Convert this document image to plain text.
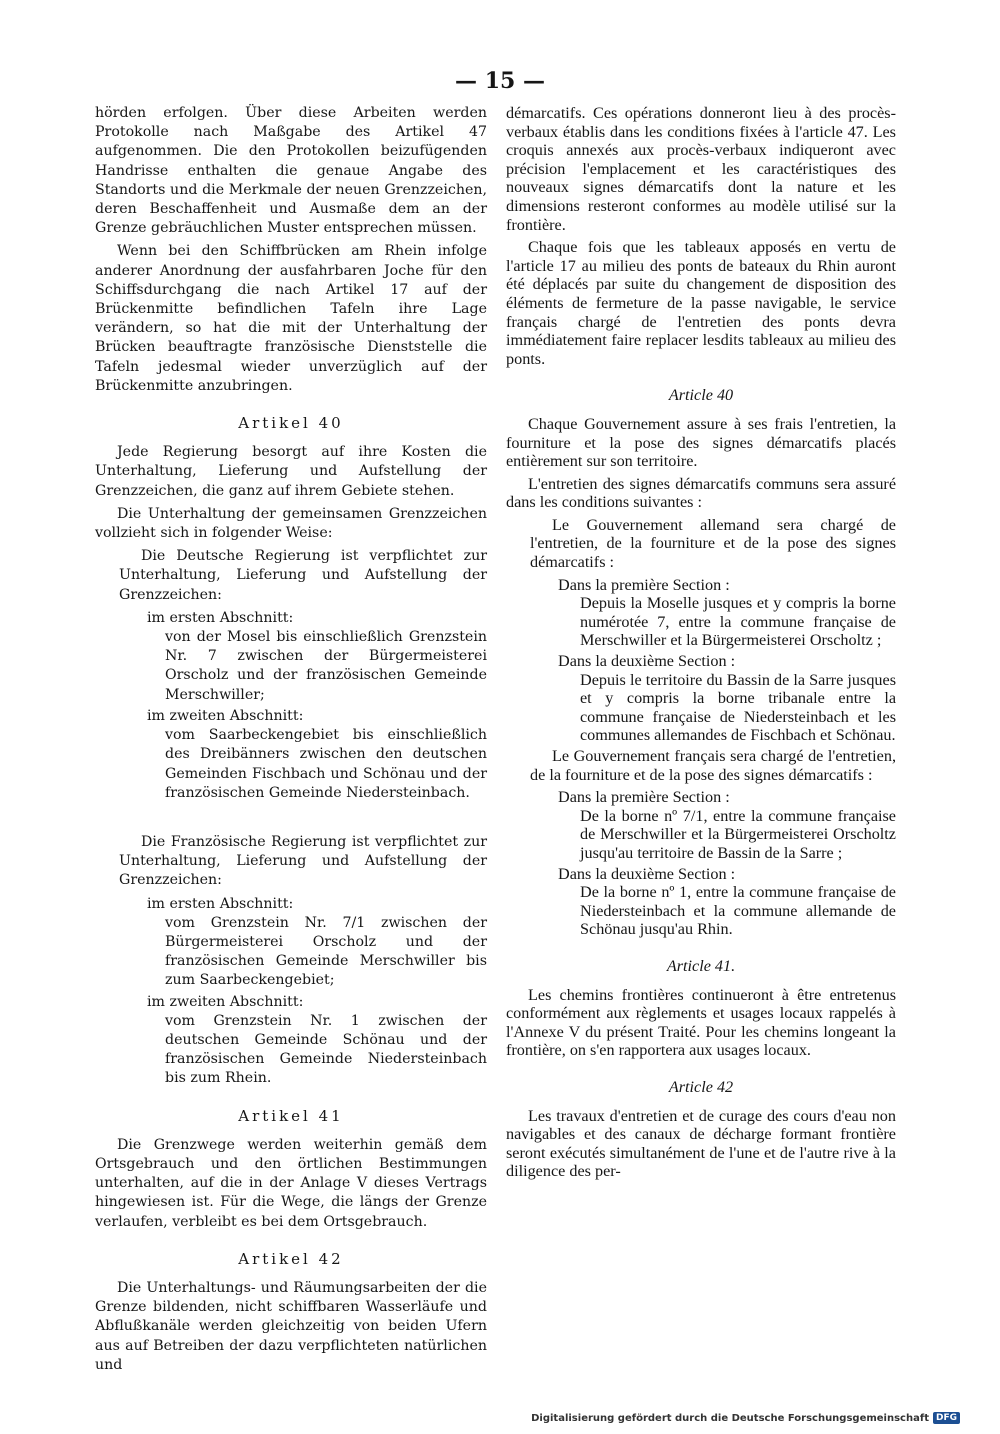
— 15 —

hörden erfolgen. Über diese Arbeiten werden Protokolle nach Maßgabe des Artikel 47 aufgenommen. Die den Protokollen beizufügenden Handrisse enthalten die genaue Angabe des Standorts und die Merkmale der neuen Grenzzeichen, deren Beschaffenheit und Ausmaße dem an der Grenze gebräuchlichen Muster entsprechen müssen.

Wenn bei den Schiffbrücken am Rhein infolge anderer Anordnung der ausfahrbaren Joche für den Schiffsdurchgang die nach Artikel 17 auf der Brückenmitte befindlichen Tafeln ihre Lage verändern, so hat die mit der Unterhaltung der Brücken beauftragte französische Dienststelle die Tafeln jedesmal wieder unverzüglich auf der Brückenmitte anzubringen.

Artikel 40

Jede Regierung besorgt auf ihre Kosten die Unterhaltung, Lieferung und Aufstellung der Grenzzeichen, die ganz auf ihrem Gebiete stehen.

Die Unterhaltung der gemeinsamen Grenzzeichen vollzieht sich in folgender Weise:

Die Deutsche Regierung ist verpflichtet zur Unterhaltung, Lieferung und Aufstellung der Grenzzeichen:

im ersten Abschnitt:

von der Mosel bis einschließlich Grenzstein Nr. 7 zwischen der Bürgermeisterei Orscholz und der französischen Gemeinde Merschwiller;

im zweiten Abschnitt:

vom Saarbeckengebiet bis einschließlich des Dreibänners zwischen den deutschen Gemeinden Fischbach und Schönau und der französischen Gemeinde Niedersteinbach.

Die Französische Regierung ist verpflichtet zur Unterhaltung, Lieferung und Aufstellung der Grenzzeichen:

im ersten Abschnitt:

vom Grenzstein Nr. 7/1 zwischen der Bürgermeisterei Orscholz und der französischen Gemeinde Merschwiller bis zum Saarbeckengebiet;

im zweiten Abschnitt:

vom Grenzstein Nr. 1 zwischen der deutschen Gemeinde Schönau und der französischen Gemeinde Niedersteinbach bis zum Rhein.

Artikel 41

Die Grenzwege werden weiterhin gemäß dem Ortsgebrauch und den örtlichen Bestimmungen unterhalten, auf die in der Anlage V dieses Vertrags hingewiesen ist. Für die Wege, die längs der Grenze verlaufen, verbleibt es bei dem Ortsgebrauch.

Artikel 42

Die Unterhaltungs- und Räumungsarbeiten der die Grenze bildenden, nicht schiffbaren Wasserläufe und Abflußkanäle werden gleichzeitig von beiden Ufern aus auf Betreiben der dazu verpflichteten natürlichen und

démarcatifs. Ces opérations donneront lieu à des procès-verbaux établis dans les conditions fixées à l'article 47. Les croquis annexés aux procès-verbaux indiqueront avec précision l'emplacement et les caractéristiques des nouveaux signes démarcatifs dont la nature et les dimensions resteront conformes au modèle utilisé sur la frontière.

Chaque fois que les tableaux apposés en vertu de l'article 17 au milieu des ponts de bateaux du Rhin auront été déplacés par suite du changement de disposition des éléments de fermeture de la passe navigable, le service français chargé de l'entretien des ponts devra immédiatement faire replacer lesdits tableaux au milieu des ponts.

Article 40

Chaque Gouvernement assure à ses frais l'entretien, la fourniture et la pose des signes démarcatifs placés entièrement sur son territoire.

L'entretien des signes démarcatifs communs sera assuré dans les conditions suivantes :

Le Gouvernement allemand sera chargé de l'entretien, de la fourniture et de la pose des signes démarcatifs :

Dans la première Section :

Depuis la Moselle jusques et y compris la borne numérotée 7, entre la commune française de Merschwiller et la Bürgermeisterei Orscholtz ;

Dans la deuxième Section :

Depuis le territoire du Bassin de la Sarre jusques et y compris la borne tribanale entre la commune française de Niedersteinbach et les communes allemandes de Fischbach et Schönau.

Le Gouvernement français sera chargé de l'entretien, de la fourniture et de la pose des signes démarcatifs :

Dans la première Section :

De la borne nº 7/1, entre la commune française de Merschwiller et la Bürgermeisterei Orscholtz jusqu'au territoire de Bassin de la Sarre ;

Dans la deuxième Section :

De la borne nº 1, entre la commune française de Niedersteinbach et la commune allemande de Schönau jusqu'au Rhin.

Article 41.

Les chemins frontières continueront à être entretenus conformément aux règlements et usages locaux rappelés à l'Annexe V du présent Traité. Pour les chemins longeant la frontière, on s'en rapportera aux usages locaux.

Article 42

Les travaux d'entretien et de curage des cours d'eau non navigables et des canaux de décharge formant frontière seront exécutés simultanément de l'une et de l'autre rive à la diligence des per-

Digitalisierung gefördert durch die Deutsche Forschungsgemeinschaft DFG
